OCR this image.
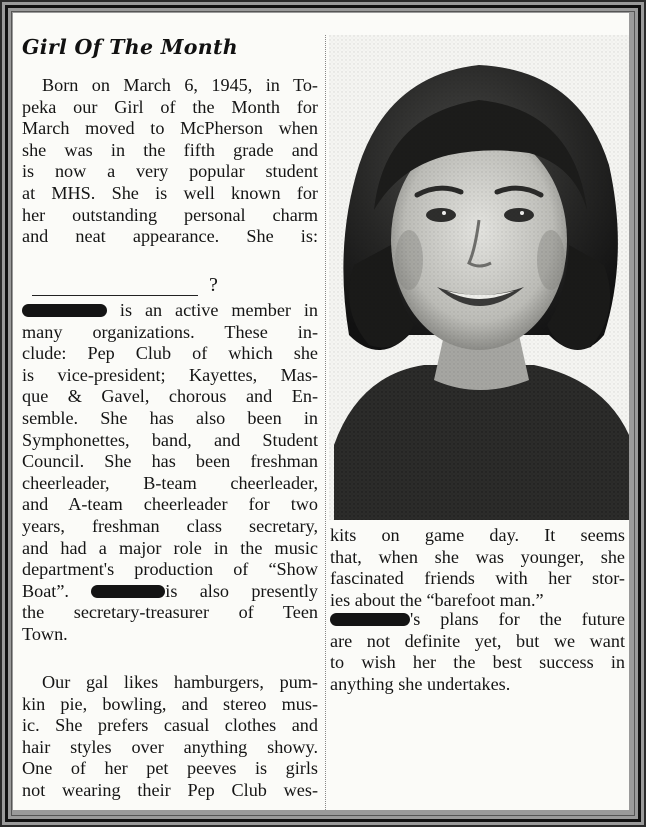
Girl Of The Month
Born on March 6, 1945, in To-
peka our Girl of the Month for
March moved to McPherson when
she was in the fifth grade and
is now a very popular student
at MHS. She is well known for
her outstanding personal charm
and neat appearance. She is:
?
is an active member in
many organizations. These in-
clude: Pep Club of which she
is vice-president; Kayettes, Mas-
que & Gavel, chorous and En-
semble. She has also been in
Symphonettes, band, and Student
Council. She has been freshman
cheerleader, B-team cheerleader,
and A-team cheerleader for two
years, freshman class secretary,
and had a major role in the music
department's production of “Show
Boat”.	is also presently
the secretary-treasurer of Teen
Town.
Our gal likes hamburgers, pum-
kin pie, bowling, and stereo mus-
ic. She prefers casual clothes and
hair styles over anything showy.
One of her pet peeves is girls
not wearing their Pep Club wes-
kits on game day. It seems
that, when she was younger, she
fascinated friends with her stor-
ies about the “barefoot man.”
's plans for the future
are not definite yet, but we want
to wish her the best success in
anything she undertakes.
